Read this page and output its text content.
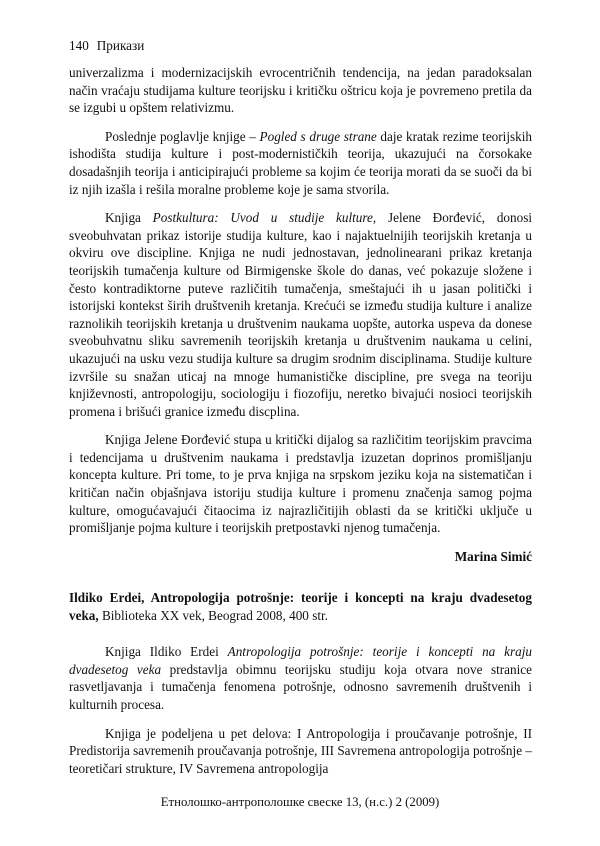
140 Прикази

univerzalizma i modernizacijskih evrocentričnih tendencija, na jedan paradoksalan način vraćaju studijama kulture teorijsku i kritičku oštricu koja je povremeno pretila da se izgubi u opštem relativizmu.

Poslednje poglavlje knjige – Pogled s druge strane daje kratak rezime teorijskih ishodišta studija kulture i post-modernističkih teorija, ukazujući na čorsokake dosadašnjih teorija i anticipirajući probleme sa kojim će teorija morati da se suoči da bi iz njih izašla i rešila moralne probleme koje je sama stvorila.

Knjiga Postkultura: Uvod u studije kulture, Jelene Đorđević, donosi sveobuhvatan prikaz istorije studija kulture, kao i najaktuelnijih teorijskih kretanja u okviru ove discipline. Knjiga ne nudi jednostavan, jednolinearani prikaz kretanja teorijskih tumačenja kulture od Birmigenske škole do danas, već pokazuje složene i često kontradiktorne puteve različitih tumačenja, smeštajući ih u jasan politički i istorijski kontekst širih društvenih kretanja. Krećući se između studija kulture i analize raznolikih teorijskih kretanja u društvenim naukama uopšte, autorka uspeva da donese sveobuhvatnu sliku savremenih teorijskih kretanja u društvenim naukama u celini, ukazujući na usku vezu studija kulture sa drugim srodnim disciplinama. Studije kulture izvršile su snažan uticaj na mnoge humanističke discipline, pre svega na teoriju književnosti, antropologiju, sociologiju i fiozofiju, neretko bivajući nosioci teorijskih promena i brišući granice između discplina.

Knjiga Jelene Đorđević stupa u kritički dijalog sa različitim teorijskim pravcima i tedencijama u društvenim naukama i predstavlja izuzetan doprinos promišljanju koncepta kulture. Pri tome, to je prva knjiga na srpskom jeziku koja na sistematičan i kritičan način objašnjava istoriju studija kulture i promenu značenja samog pojma kulture, omogućavajući čitaocima iz najrazličitijih oblasti da se kritički uključe u promišljanje pojma kulture i teorijskih pretpostavki njenog tumačenja.

Marina Simić

Ildiko Erdei, Antropologija potrošnje: teorije i koncepti na kraju dvadesetog veka, Biblioteka XX vek, Beograd 2008, 400 str.

Knjiga Ildiko Erdei Antropologija potrošnje: teorije i koncepti na kraju dvadesetog veka predstavlja obimnu teorijsku studiju koja otvara nove stranice rasvetljavanja i tumačenja fenomena potrošnje, odnosno savremenih društvenih i kulturnih procesa.

Knjiga je podeljena u pet delova: I Antropologija i proučavanje potrošnje, II Predistorija savremenih proučavanja potrošnje, III Savremena antropologija potrošnje – teoretičari strukture, IV Savremena antropologija

Етнолошко-антрополошке свеске 13, (н.с.) 2 (2009)
